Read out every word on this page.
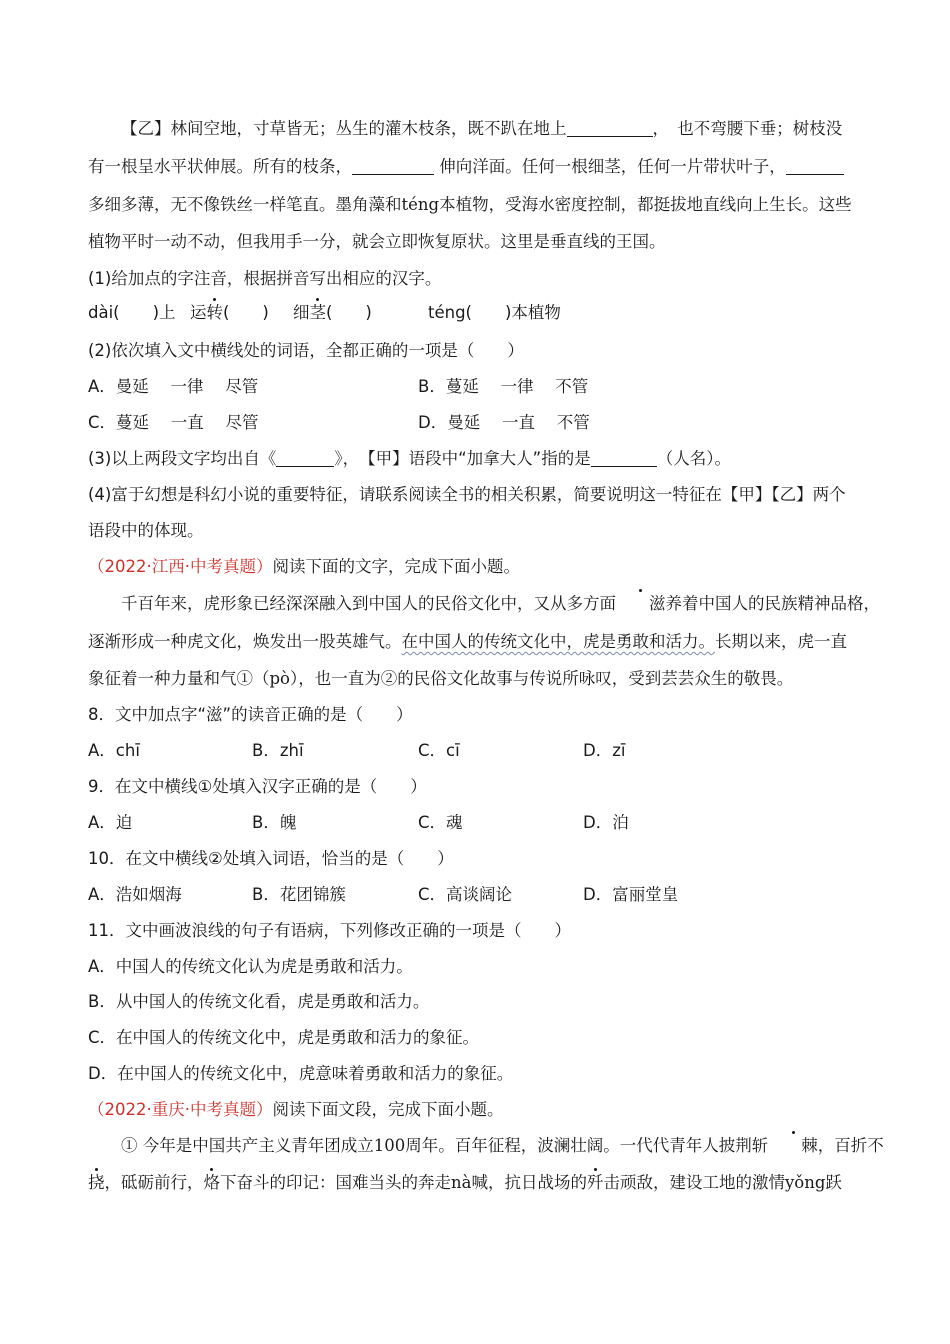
【乙】林间空地，寸草皆无；丛生的灌木枝条，既不趴在地上	，　也不弯腰下垂；树枝没
有一根呈水平状伸展。所有的枝条，	伸向洋面。任何一根细茎，任何一片带状叶子，
多细多薄，无不像铁丝一样笔直。墨角藻和téng本植物，受海水密度控制，都挺拔地直线向上生长。这些
植物平时一动不动，但我用手一分，就会立即恢复原状。这里是垂直线的王国。
(1)给加点的字注音，根据拼音写出相应的汉字。
dài(　　)上 运转(　　) 细茎(　　)	téng(　　)本植物
(2)依次填入文中横线处的词语，全都正确的一项是（　　）
A．曼延　 一律　 尽管	B．蔓延　 一律　 不管
C．蔓延　 一直　 尽管	D．曼延　 一直　 不管
(3)以上两段文字均出自《	》，　【甲】语段中“加拿大人”指的是	（人名）。
(4)富于幻想是科幻小说的重要特征，请联系阅读全书的相关积累，简要说明这一特征在【甲】【乙】两个
语段中的体现。
（2022·江西·中考真题）阅读下面的文字，完成下面小题。
千百年来，虎形象已经深深融入到中国人的民俗文化中，又从多方面 滋养着中国人的民族精神品格，
逐渐形成一种虎文化，焕发出一股英雄气。在中国人的传统文化中，虎是勇敢和活力。长期以来，虎一直
象征着一种力量和气①（pò），也一直为②的民俗文化故事与传说所咏叹，受到芸芸众生的敬畏。
8．文中加点字“滋”的读音正确的是（　　）
A．chī	B．zhī	C．cī	D．zī
9．在文中横线①处填入汉字正确的是（　　）
A．迫	B．魄	C．魂	D．泊
10．在文中横线②处填入词语，恰当的是（　　）
A．浩如烟海	B．花团锦簇	C．高谈阔论	D．富丽堂皇
11．文中画波浪线的句子有语病，下列修改正确的一项是（　　）
A．中国人的传统文化认为虎是勇敢和活力。
B．从中国人的传统文化看，虎是勇敢和活力。
C．在中国人的传统文化中，虎是勇敢和活力的象征。
D．在中国人的传统文化中，虎意味着勇敢和活力的象征。
（2022·重庆·中考真题）阅读下面文段，完成下面小题。
① 今年是中国共产主义青年团成立100周年。百年征程，波澜壮阔。一代代青年人披荆斩 棘，百折不
挠，砥砺前行，烙下奋斗的印记：国难当头的奔走nà喊，抗日战场的歼击顽敌，建设工地的激情yǒng跃
